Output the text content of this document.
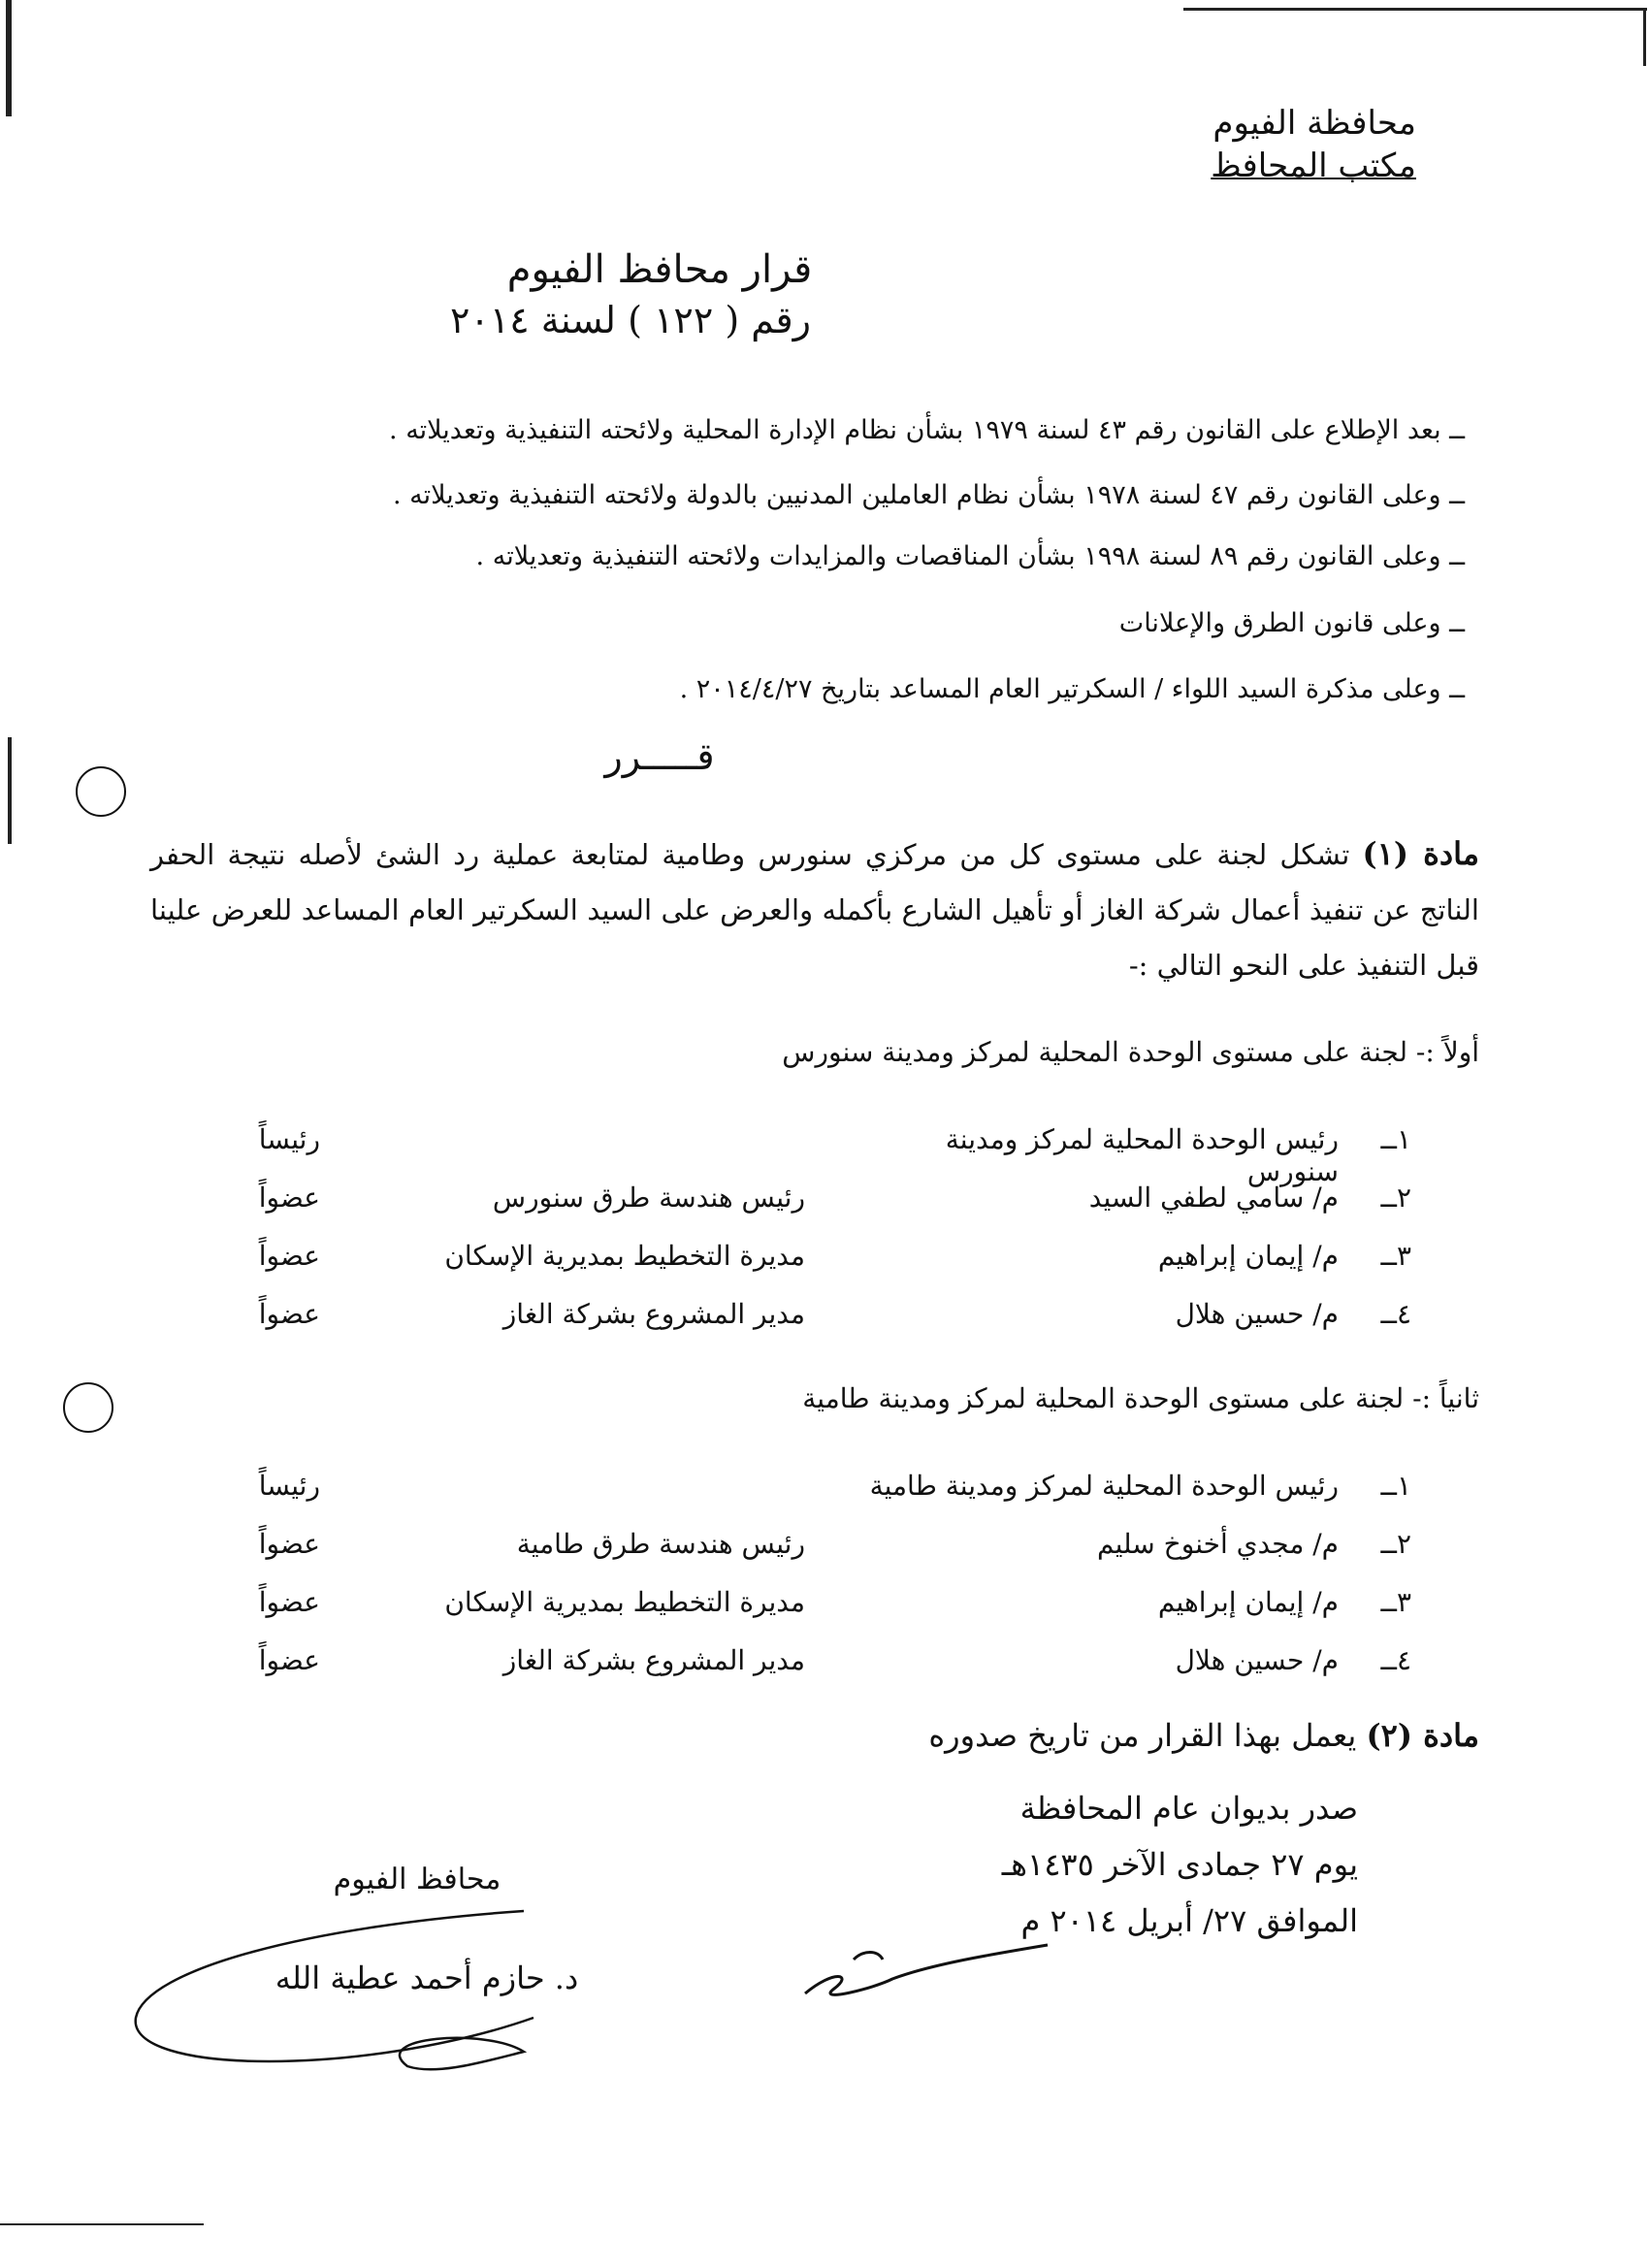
محافظة الفيوم
مكتب المحافظ
قرار محافظ الفيوم
رقم ( ١٢٢ ) لسنة ٢٠١٤
ــ بعد الإطلاع على القانون رقم ٤٣ لسنة ١٩٧٩ بشأن نظام الإدارة المحلية ولائحته التنفيذية وتعديلاته .
ــ وعلى القانون رقم ٤٧ لسنة ١٩٧٨ بشأن نظام العاملين المدنيين بالدولة ولائحته التنفيذية وتعديلاته .
ــ وعلى القانون رقم ٨٩ لسنة ١٩٩٨ بشأن المناقصات والمزايدات ولائحته التنفيذية وتعديلاته .
ــ وعلى قانون الطرق والإعلانات
ــ وعلى مذكرة السيد اللواء / السكرتير العام المساعد بتاريخ ٢٠١٤/٤/٢٧ .
قـــــرر
مادة (١) تشكل لجنة على مستوى كل من مركزي سنورس وطامية لمتابعة عملية رد الشئ لأصله نتيجة الحفر الناتج عن تنفيذ أعمال شركة الغاز أو تأهيل الشارع بأكمله والعرض على السيد السكرتير العام المساعد للعرض علينا قبل التنفيذ على النحو التالي :-
أولاً :- لجنة على مستوى الوحدة المحلية لمركز ومدينة سنورس
١ــ
رئيس الوحدة المحلية لمركز ومدينة سنورس
رئيساً
٢ــ
م/ سامي لطفي السيد
رئيس هندسة طرق سنورس
عضواً
٣ــ
م/ إيمان إبراهيم
مديرة التخطيط بمديرية الإسكان
عضواً
٤ــ
م/ حسين هلال
مدير المشروع بشركة الغاز
عضواً
ثانياً :- لجنة على مستوى الوحدة المحلية لمركز ومدينة طامية
١ــ
رئيس الوحدة المحلية لمركز ومدينة طامية
رئيساً
٢ــ
م/ مجدي أخنوخ سليم
رئيس هندسة طرق طامية
عضواً
٣ــ
م/ إيمان إبراهيم
مديرة التخطيط بمديرية الإسكان
عضواً
٤ــ
م/ حسين هلال
مدير المشروع بشركة الغاز
عضواً
مادة (٢) يعمل بهذا القرار من تاريخ صدوره
صدر بديوان عام المحافظة
يوم ٢٧ جمادى الآخر ١٤٣٥هـ
الموافق ٢٧/ أبريل ٢٠١٤ م
محافظ الفيوم
د. حازم أحمد عطية الله
